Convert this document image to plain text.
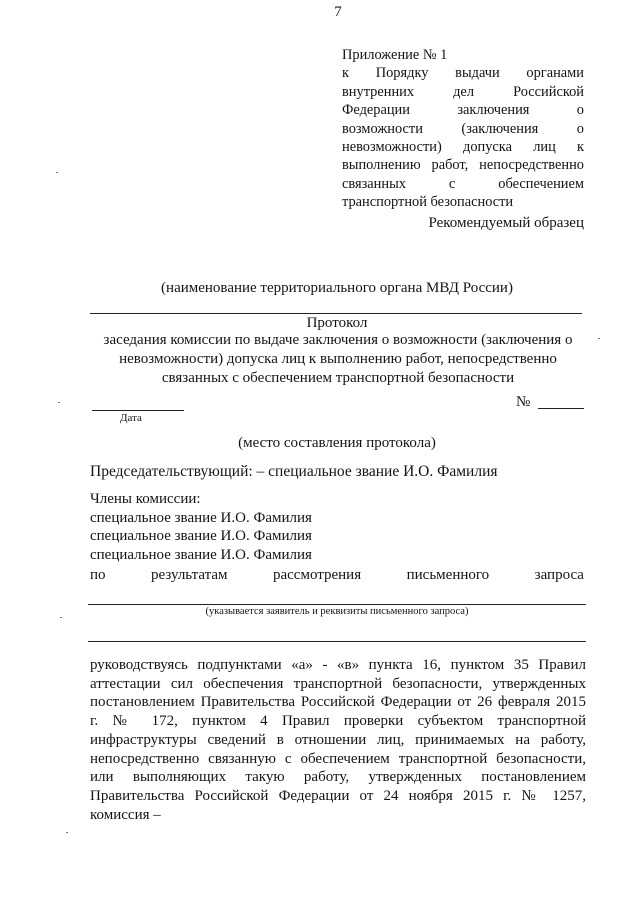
7
Приложение № 1
к Порядку выдачи органами
внутренних дел Российской
Федерации заключения о
возможности (заключения о
невозможности) допуска лиц к
выполнению работ, непосредственно
связанных с обеспечением
транспортной безопасности
Рекомендуемый образец
(наименование территориального органа МВД России)
Протокол
заседания комиссии по выдаче заключения о возможности (заключения о
невозможности) допуска лиц к выполнению работ, непосредственно
связанных с обеспечением транспортной безопасности
Дата
№
(место составления протокола)
Председательствующий: – специальное звание И.О. Фамилия
Члены комиссии:
специальное звание И.О. Фамилия
специальное звание И.О. Фамилия
специальное звание И.О. Фамилия
по	результатам	рассмотрения	письменного	запроса
(указывается заявитель и реквизиты письменного запроса)
руководствуясь подпунктами «а» - «в» пункта 16, пунктом 35 Правил
аттестации сил обеспечения транспортной безопасности, утвержденных
постановлением Правительства Российской Федерации от 26 февраля 2015
г. № 172, пунктом 4 Правил проверки субъектом транспортной
инфраструктуры сведений в отношении лиц, принимаемых на работу,
непосредственно связанную с обеспечением транспортной безопасности,
или выполняющих такую работу, утвержденных постановлением
Правительства Российской Федерации от 24 ноября 2015 г. № 1257,
комиссия –
